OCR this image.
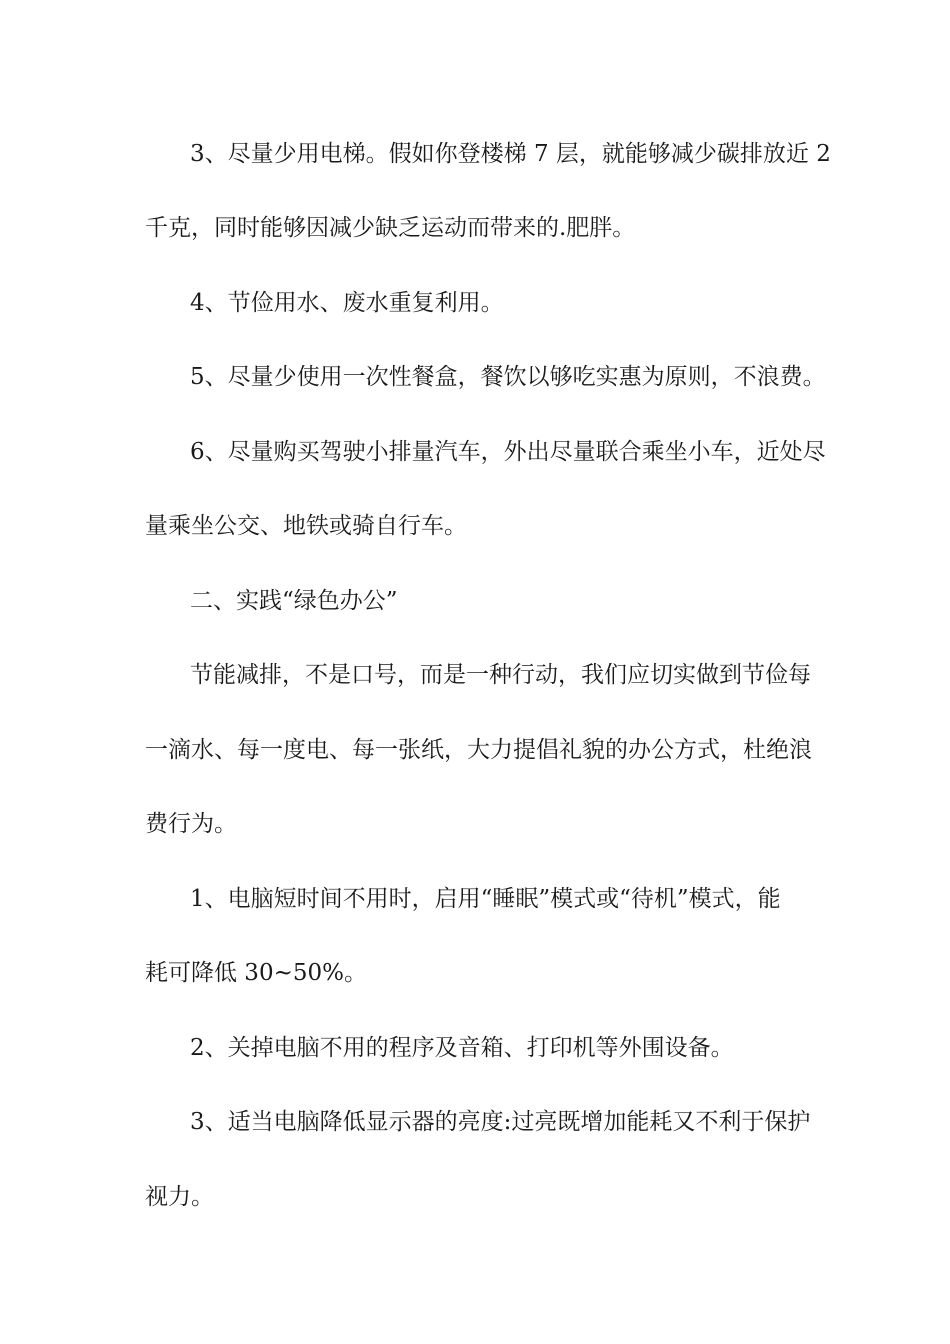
3、尽量少用电梯。假如你登楼梯 7 层，就能够减少碳排放近 2

千克，同时能够因减少缺乏运动而带来的.肥胖。

4、节俭用水、废水重复利用。

5、尽量少使用一次性餐盒，餐饮以够吃实惠为原则，不浪费。

6、尽量购买驾驶小排量汽车，外出尽量联合乘坐小车，近处尽

量乘坐公交、地铁或骑自行车。

二、实践“绿色办公”

节能减排，不是口号，而是一种行动，我们应切实做到节俭每

一滴水、每一度电、每一张纸，大力提倡礼貌的办公方式，杜绝浪

费行为。

1、电脑短时间不用时，启用“睡眠”模式或“待机”模式，能

耗可降低 30~50%。

2、关掉电脑不用的程序及音箱、打印机等外围设备。

3、适当电脑降低显示器的亮度:过亮既增加能耗又不利于保护

视力。
